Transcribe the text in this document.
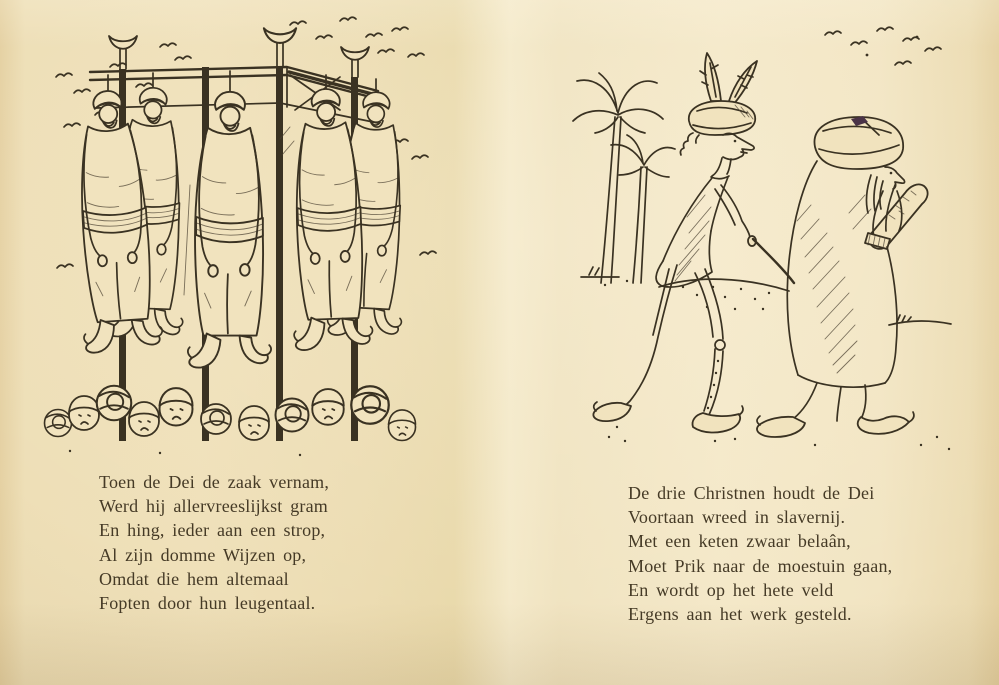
Toen de Dei de zaak vernam,
Werd hij allervreeslijkst gram
En hing, ieder aan een strop,
Al zijn domme Wijzen op,
Omdat die hem altemaal
Fopten door hun leugentaal.
De drie Christnen houdt de Dei
Voortaan wreed in slavernij.
Met een keten zwaar belaân,
Moet Prik naar de moestuin gaan,
En wordt op het hete veld
Ergens aan het werk gesteld.
